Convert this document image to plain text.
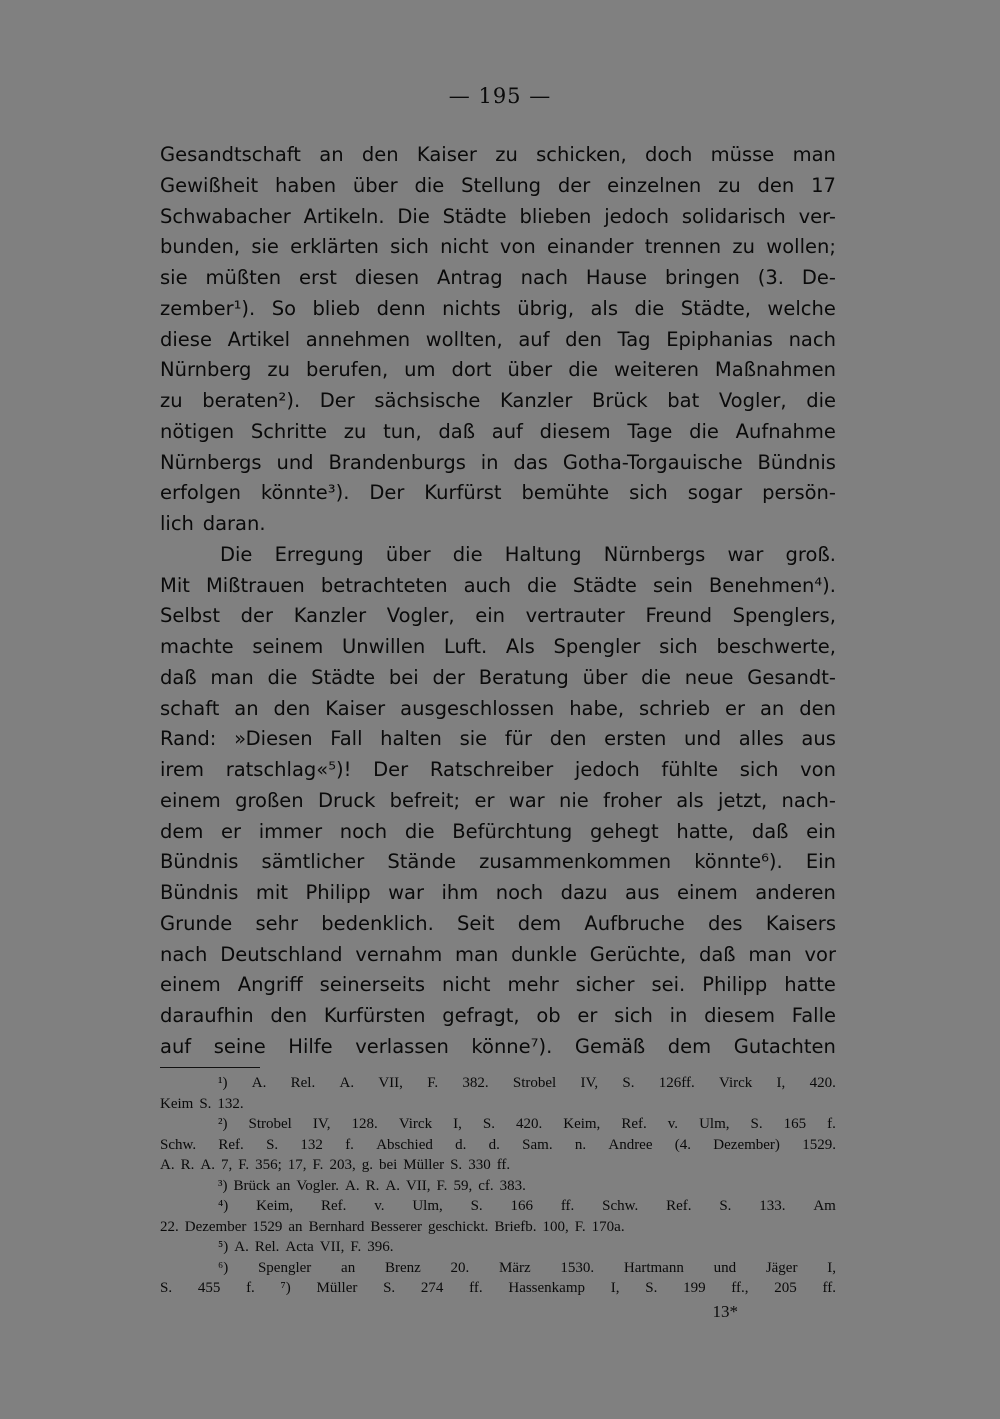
— 195 —
Gesandtschaft an den Kaiser zu schicken, doch müsse man
Gewißheit haben über die Stellung der einzelnen zu den 17
Schwabacher Artikeln. Die Städte blieben jedoch solidarisch ver-
bunden, sie erklärten sich nicht von einander trennen zu wollen;
sie müßten erst diesen Antrag nach Hause bringen (3. De-
zember¹). So blieb denn nichts übrig, als die Städte, welche
diese Artikel annehmen wollten, auf den Tag Epiphanias nach
Nürnberg zu berufen, um dort über die weiteren Maßnahmen
zu beraten²). Der sächsische Kanzler Brück bat Vogler, die
nötigen Schritte zu tun, daß auf diesem Tage die Aufnahme
Nürnbergs und Brandenburgs in das Gotha-Torgauische Bündnis
erfolgen könnte³). Der Kurfürst bemühte sich sogar persön-
lich daran.
Die Erregung über die Haltung Nürnbergs war groß.
Mit Mißtrauen betrachteten auch die Städte sein Benehmen⁴).
Selbst der Kanzler Vogler, ein vertrauter Freund Spenglers,
machte seinem Unwillen Luft. Als Spengler sich beschwerte,
daß man die Städte bei der Beratung über die neue Gesandt-
schaft an den Kaiser ausgeschlossen habe, schrieb er an den
Rand: »Diesen Fall halten sie für den ersten und alles aus
irem ratschlag«⁵)! Der Ratschreiber jedoch fühlte sich von
einem großen Druck befreit; er war nie froher als jetzt, nach-
dem er immer noch die Befürchtung gehegt hatte, daß ein
Bündnis sämtlicher Stände zusammenkommen könnte⁶). Ein
Bündnis mit Philipp war ihm noch dazu aus einem anderen
Grunde sehr bedenklich. Seit dem Aufbruche des Kaisers
nach Deutschland vernahm man dunkle Gerüchte, daß man vor
einem Angriff seinerseits nicht mehr sicher sei. Philipp hatte
daraufhin den Kurfürsten gefragt, ob er sich in diesem Falle
auf seine Hilfe verlassen könne⁷). Gemäß dem Gutachten
¹) A. Rel. A. VII, F. 382. Strobel IV, S. 126ff. Virck I, 420.
Keim S. 132.
²) Strobel IV, 128. Virck I, S. 420. Keim, Ref. v. Ulm, S. 165 f.
Schw. Ref. S. 132 f. Abschied d. d. Sam. n. Andree (4. Dezember) 1529.
A. R. A. 7, F. 356; 17, F. 203, g. bei Müller S. 330 ff.
³) Brück an Vogler. A. R. A. VII, F. 59, cf. 383.
⁴) Keim, Ref. v. Ulm, S. 166 ff. Schw. Ref. S. 133. Am
22. Dezember 1529 an Bernhard Besserer geschickt. Briefb. 100, F. 170a.
⁵) A. Rel. Acta VII, F. 396.
⁶) Spengler an Brenz 20. März 1530. Hartmann und Jäger I,
S. 455 f. ⁷) Müller S. 274 ff. Hassenkamp I, S. 199 ff., 205 ff.
13*
